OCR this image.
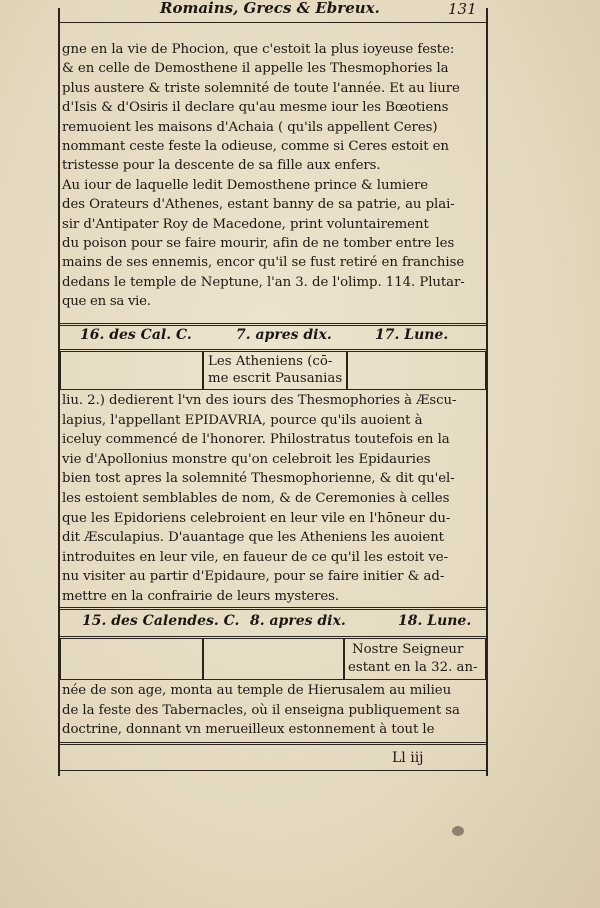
Romains, Grecs & Ebreux.	131
gne en la vie de Phocion, que c'estoit la plus ioyeuse feste:
& en celle de Demosthene il appelle les Thesmophories la
plus austere & triste solemnité de toute l'année. Et au liure
d'Isis & d'Osiris il declare qu'au mesme iour les Bœotiens
remuoient les maisons d'Achaia ( qu'ils appellent Ceres)
nommant ceste feste la odieuse, comme si Ceres estoit en
tristesse pour la descente de sa fille aux enfers.
Au iour de laquelle ledit Demosthene prince & lumiere
des Orateurs d'Athenes, estant banny de sa patrie, au plai-
sir d'Antipater Roy de Macedone, print voluntairement
du poison pour se faire mourir, afin de ne tomber entre les
mains de ses ennemis, encor qu'il se fust retiré en franchise
dedans le temple de Neptune, l'an 3. de l'olimp. 114. Plutar-
que en sa vie.
16. des Cal. C.	7. apres dix.	17. Lune.
Les Atheniens (cō-
me escrit Pausanias
liu. 2.) dedierent l'vn des iours des Thesmophories à Æscu-
lapius, l'appellant EPIDAVRIA, pource qu'ils auoient à
iceluy commencé de l'honorer. Philostratus toutefois en la
vie d'Apollonius monstre qu'on celebroit les Epidauries
bien tost apres la solemnité Thesmophorienne, & dit qu'el-
les estoient semblables de nom, & de Ceremonies à celles
que les Epidoriens celebroient en leur vile en l'hōneur du-
dit Æsculapius. D'auantage que les Atheniens les auoient
introduites en leur vile, en faueur de ce qu'il les estoit ve-
nu visiter au partir d'Epidaure, pour se faire initier & ad-
mettre en la confrairie de leurs mysteres.
15. des Calendes. C. 8. apres dix.	18. Lune.
Nostre Seigneur
estant en la 32. an-
née de son age, monta au temple de Hierusalem au milieu
de la feste des Tabernacles, où il enseigna publiquement sa
doctrine, donnant vn merueilleux estonnement à tout le
Ll iij
